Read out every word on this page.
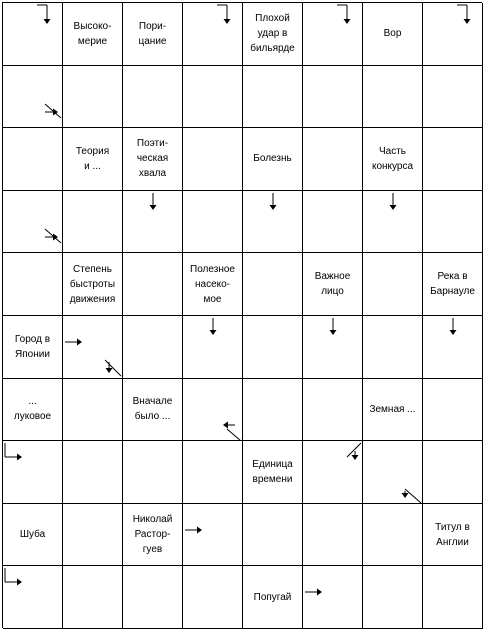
Высоко-
мерие
Пори-
цание
Плохой
удар в
бильярде
Вор
Теория
и ...
Поэти-
ческая
хвала
Болезнь
Часть
конкурса
Степень
быстроты
движения
Полезное
насеко-
мое
Важное
лицо
Река в
Барнауле
Город в
Японии
...
луковое
Вначале
было ...
Земная ...
Единица
времени
Шуба
Николай
Растор-
гуев
Титул в
Англии
Попугай
